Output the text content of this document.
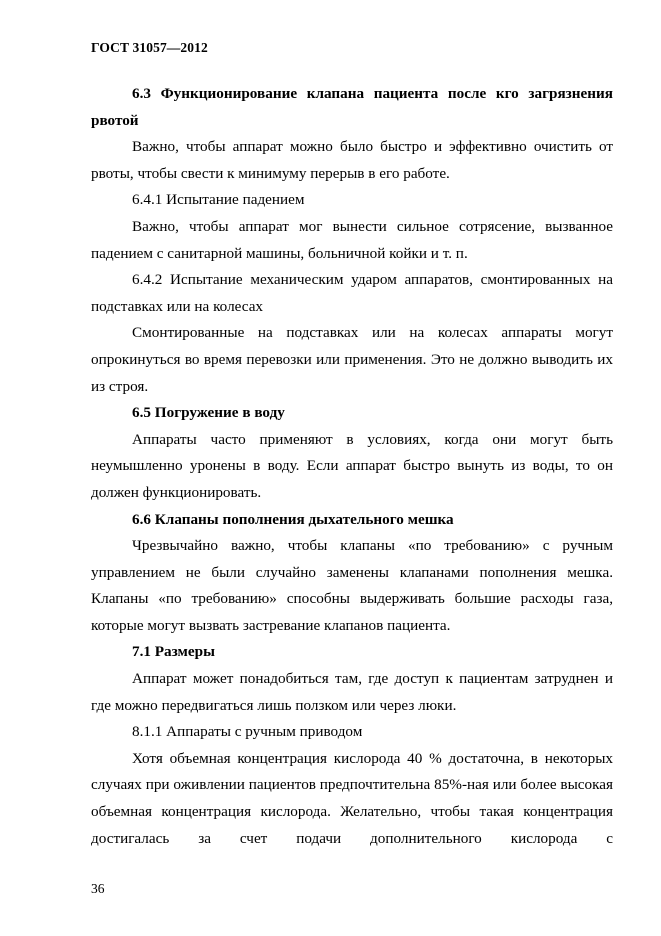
ГОСТ 31057—2012

6.3 Функционирование клапана пациента после кго загрязнения рвотой

Важно, чтобы аппарат можно было быстро и эффективно очистить от рвоты, чтобы свести к минимуму перерыв в его работе.

6.4.1 Испытание падением

Важно, чтобы аппарат мог вынести сильное сотрясение, вызванное падением с санитарной машины, больничной койки и т. п.

6.4.2 Испытание механическим ударом аппаратов, смонтированных на подставках или на колесах

Смонтированные на подставках или на колесах аппараты могут опрокинуться во время перевозки или применения. Это не должно выводить их из строя.

6.5 Погружение в воду

Аппараты часто применяют в условиях, когда они могут быть неумышленно уронены в воду. Если аппарат быстро вынуть из воды, то он должен функционировать.

6.6 Клапаны пополнения дыхательного мешка

Чрезвычайно важно, чтобы клапаны «по требованию» с ручным управлением не были случайно заменены клапанами пополнения мешка. Клапаны «по требованию» способны выдерживать большие расходы газа, которые могут вызвать застревание клапанов пациента.

7.1 Размеры

Аппарат может понадобиться там, где доступ к пациентам затруднен и где можно передвигаться лишь ползком или через люки.

8.1.1 Аппараты с ручным приводом

Хотя объемная концентрация кислорода 40 % достаточна, в некоторых случаях при оживлении пациентов предпочтительна 85%-ная или более высокая объемная концентрация кислорода. Желательно, чтобы такая концентрация достигалась за счет подачи дополнительного кислорода с

36
